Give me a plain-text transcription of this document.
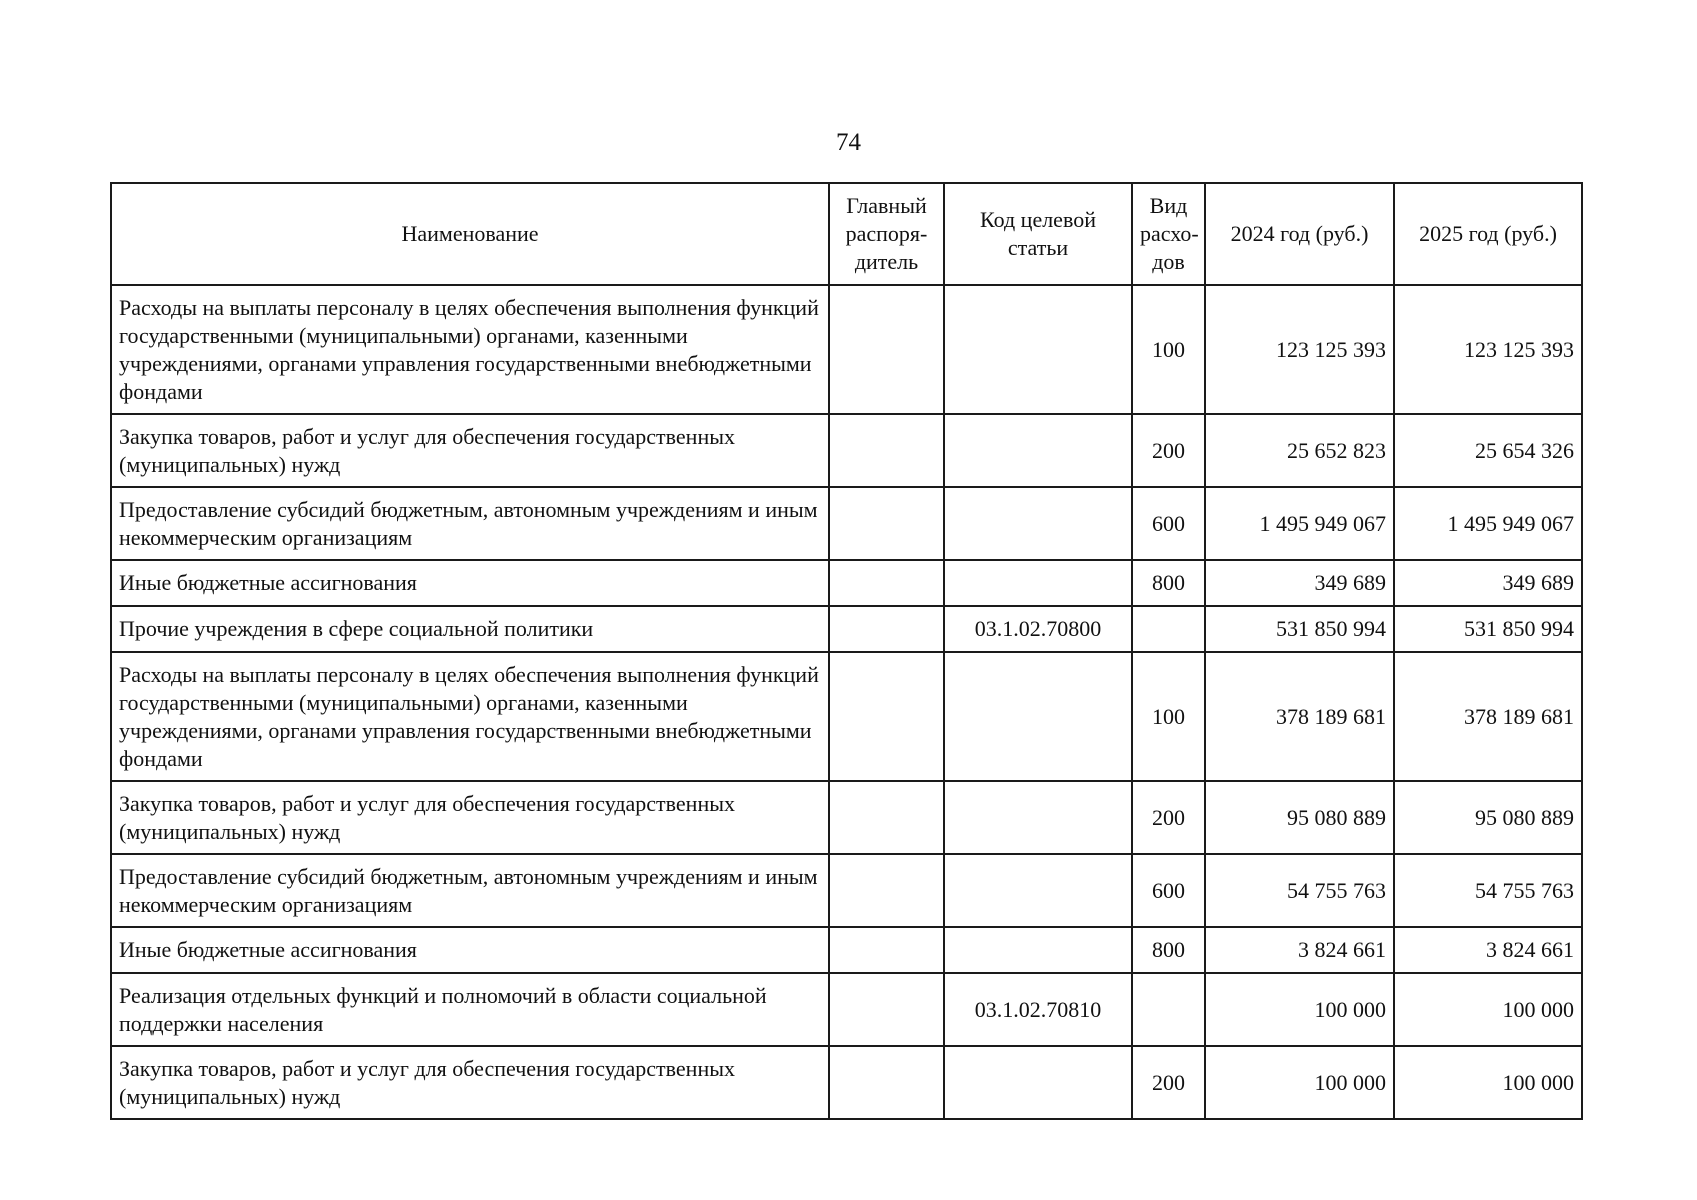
74
Наименование	Главный распоря-дитель	Код целевой статьи	Вид расхо-дов	2024 год (руб.)	2025 год (руб.)
Расходы на выплаты персоналу в целях обеспечения выполнения функций государственными (муниципальными) органами, казенными учреждениями, органами управления государственными внебюджетными фондами			100	123 125 393	123 125 393
Закупка товаров, работ и услуг для обеспечения государственных (муниципальных) нужд			200	25 652 823	25 654 326
Предоставление субсидий бюджетным, автономным учреждениям и иным некоммерческим организациям			600	1 495 949 067	1 495 949 067
Иные бюджетные ассигнования			800	349 689	349 689
Прочие учреждения в сфере социальной политики		03.1.02.70800		531 850 994	531 850 994
Расходы на выплаты персоналу в целях обеспечения выполнения функций государственными (муниципальными) органами, казенными учреждениями, органами управления государственными внебюджетными фондами			100	378 189 681	378 189 681
Закупка товаров, работ и услуг для обеспечения государственных (муниципальных) нужд			200	95 080 889	95 080 889
Предоставление субсидий бюджетным, автономным учреждениям и иным некоммерческим организациям			600	54 755 763	54 755 763
Иные бюджетные ассигнования			800	3 824 661	3 824 661
Реализация отдельных функций и полномочий в области социальной поддержки населения		03.1.02.70810		100 000	100 000
Закупка товаров, работ и услуг для обеспечения государственных (муниципальных) нужд			200	100 000	100 000
